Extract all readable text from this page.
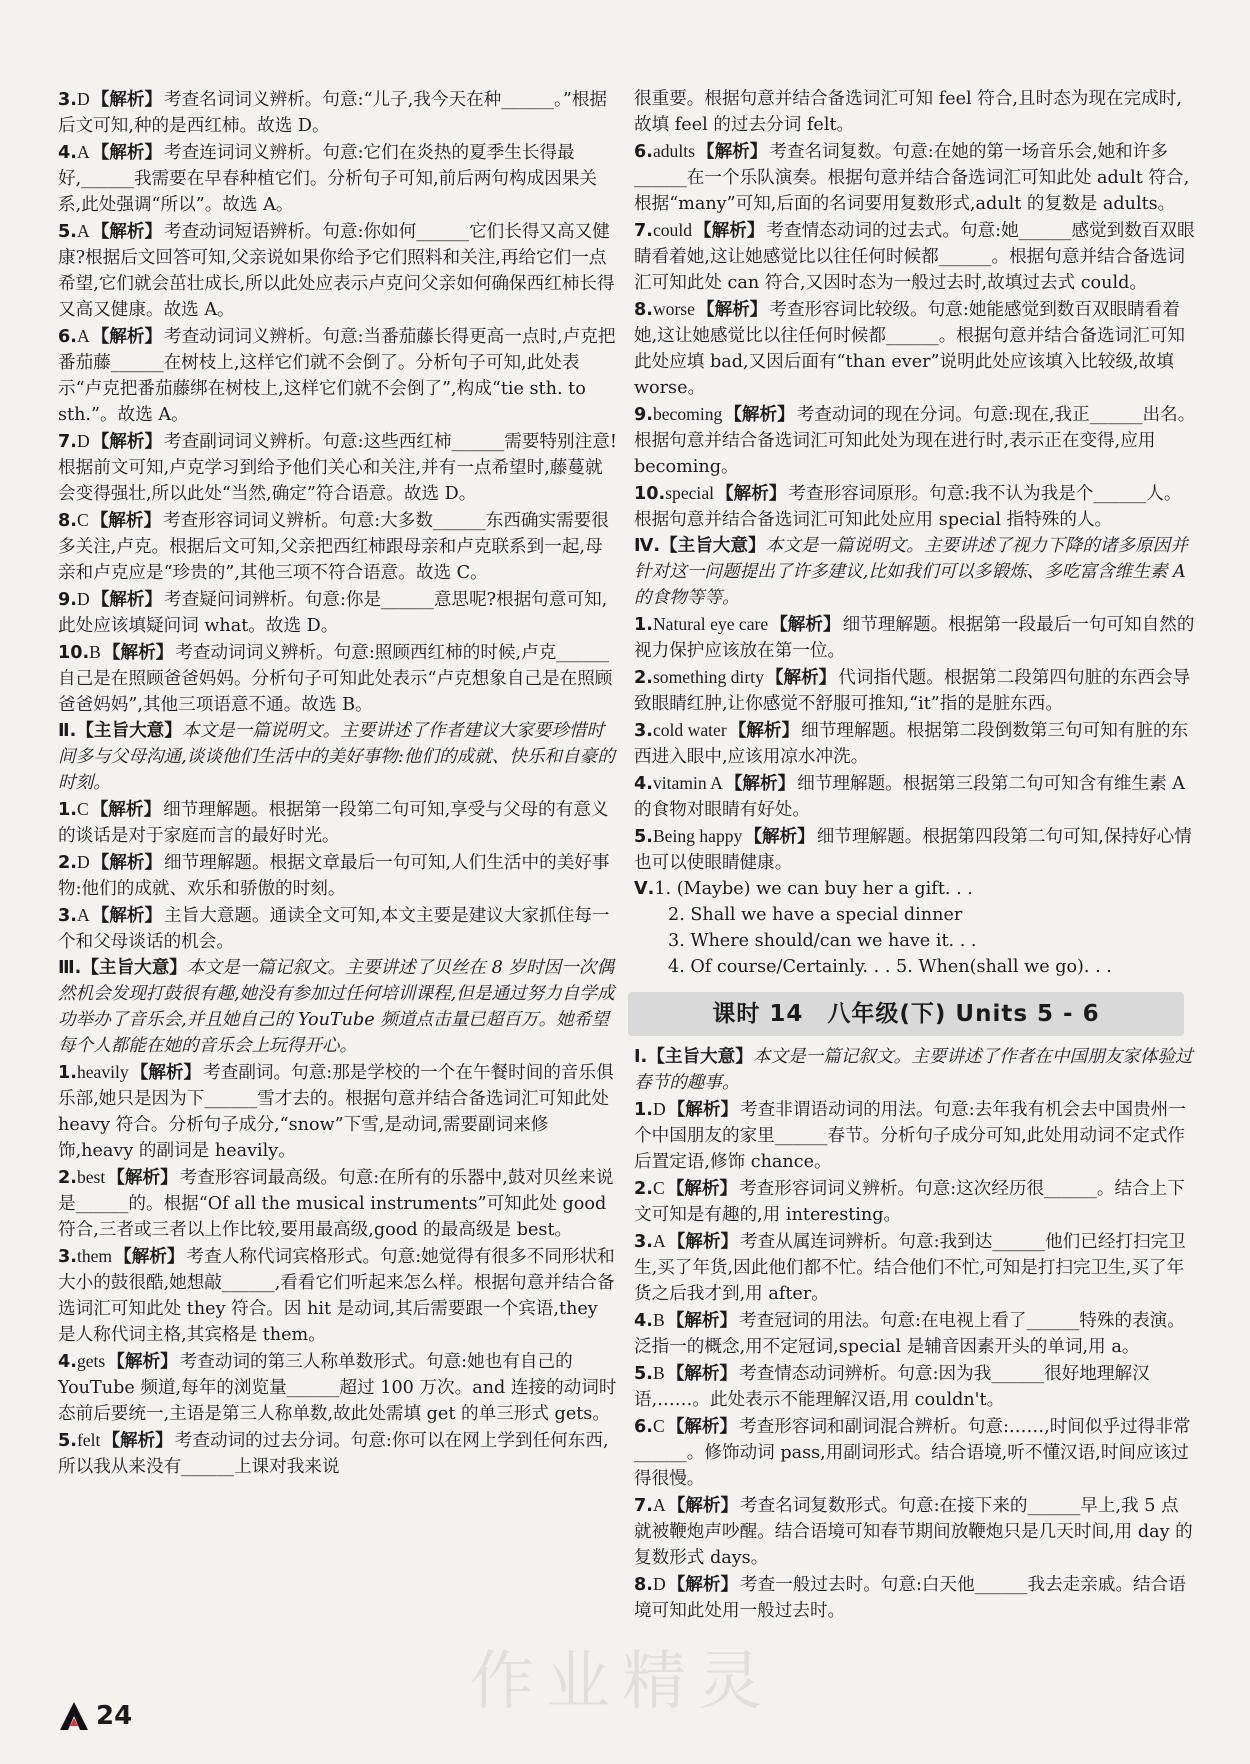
3.D 【解析】 考查名词词义辨析。句意:“儿子,我今天在种______。”根据后文可知,种的是西红柿。故选 D。
4.A 【解析】 考查连词词义辨析。句意:它们在炎热的夏季生长得最好,______我需要在早春种植它们。分析句子可知,前后两句构成因果关系,此处强调“所以”。故选 A。
5.A 【解析】 考查动词短语辨析。句意:你如何______它们长得又高又健康?根据后文回答可知,父亲说如果你给予它们照料和关注,再给它们一点希望,它们就会茁壮成长,所以此处应表示卢克问父亲如何确保西红柿长得又高又健康。故选 A。
6.A 【解析】 考查动词词义辨析。句意:当番茄藤长得更高一点时,卢克把番茄藤______在树枝上,这样它们就不会倒了。分析句子可知,此处表示“卢克把番茄藤绑在树枝上,这样它们就不会倒了”,构成“tie sth. to sth.”。故选 A。
7.D 【解析】 考查副词词义辨析。句意:这些西红柿______需要特别注意!根据前文可知,卢克学习到给予他们关心和关注,并有一点希望时,藤蔓就会变得强壮,所以此处“当然,确定”符合语意。故选 D。
8.C 【解析】 考查形容词词义辨析。句意:大多数______东西确实需要很多关注,卢克。根据后文可知,父亲把西红柿跟母亲和卢克联系到一起,母亲和卢克应是“珍贵的”,其他三项不符合语意。故选 C。
9.D 【解析】 考查疑问词辨析。句意:你是______意思呢?根据句意可知,此处应该填疑问词 what。故选 D。
10.B 【解析】 考查动词词义辨析。句意:照顾西红柿的时候,卢克______自己是在照顾爸爸妈妈。分析句子可知此处表示“卢克想象自己是在照顾爸爸妈妈”,其他三项语意不通。故选 B。
Ⅱ.【主旨大意】本文是一篇说明文。主要讲述了作者建议大家要珍惜时间多与父母沟通,谈谈他们生活中的美好事物:他们的成就、快乐和自豪的时刻。
1.C 【解析】 细节理解题。根据第一段第二句可知,享受与父母的有意义的谈话是对于家庭而言的最好时光。
2.D 【解析】 细节理解题。根据文章最后一句可知,人们生活中的美好事物:他们的成就、欢乐和骄傲的时刻。
3.A 【解析】 主旨大意题。通读全文可知,本文主要是建议大家抓住每一个和父母谈话的机会。
Ⅲ.【主旨大意】本文是一篇记叙文。主要讲述了贝丝在 8 岁时因一次偶然机会发现打鼓很有趣,她没有参加过任何培训课程,但是通过努力自学成功举办了音乐会,并且她自己的 YouTube 频道点击量已超百万。她希望每个人都能在她的音乐会上玩得开心。
1.heavily 【解析】 考查副词。句意:那是学校的一个在午餐时间的音乐俱乐部,她只是因为下______雪才去的。根据句意并结合备选词汇可知此处 heavy 符合。分析句子成分,“snow”下雪,是动词,需要副词来修饰,heavy 的副词是 heavily。
2.best 【解析】 考查形容词最高级。句意:在所有的乐器中,鼓对贝丝来说是______的。根据“Of all the musical instruments”可知此处 good 符合,三者或三者以上作比较,要用最高级,good 的最高级是 best。
3.them 【解析】 考查人称代词宾格形式。句意:她觉得有很多不同形状和大小的鼓很酷,她想敲______,看看它们听起来怎么样。根据句意并结合备选词汇可知此处 they 符合。因 hit 是动词,其后需要跟一个宾语,they 是人称代词主格,其宾格是 them。
4.gets 【解析】 考查动词的第三人称单数形式。句意:她也有自己的 YouTube 频道,每年的浏览量______超过 100 万次。and 连接的动词时态前后要统一,主语是第三人称单数,故此处需填 get 的单三形式 gets。
5.felt 【解析】 考查动词的过去分词。句意:你可以在网上学到任何东西,所以我从来没有______上课对我来说
很重要。根据句意并结合备选词汇可知 feel 符合,且时态为现在完成时,故填 feel 的过去分词 felt。
6.adults 【解析】 考查名词复数。句意:在她的第一场音乐会,她和许多______在一个乐队演奏。根据句意并结合备选词汇可知此处 adult 符合,根据“many”可知,后面的名词要用复数形式,adult 的复数是 adults。
7.could 【解析】 考查情态动词的过去式。句意:她______感觉到数百双眼睛看着她,这让她感觉比以往任何时候都______。根据句意并结合备选词汇可知此处 can 符合,又因时态为一般过去时,故填过去式 could。
8.worse 【解析】 考查形容词比较级。句意:她能感觉到数百双眼睛看着她,这让她感觉比以往任何时候都______。根据句意并结合备选词汇可知此处应填 bad,又因后面有“than ever”说明此处应该填入比较级,故填 worse。
9.becoming 【解析】 考查动词的现在分词。句意:现在,我正______出名。根据句意并结合备选词汇可知此处为现在进行时,表示正在变得,应用 becoming。
10.special 【解析】 考查形容词原形。句意:我不认为我是个______人。根据句意并结合备选词汇可知此处应用 special 指特殊的人。
Ⅳ.【主旨大意】本文是一篇说明文。主要讲述了视力下降的诸多原因并针对这一问题提出了许多建议,比如我们可以多锻炼、多吃富含维生素 A 的食物等等。
1.Natural eye care 【解析】 细节理解题。根据第一段最后一句可知自然的视力保护应该放在第一位。
2.something dirty 【解析】 代词指代题。根据第二段第四句脏的东西会导致眼睛红肿,让你感觉不舒服可推知,“it”指的是脏东西。
3.cold water 【解析】 细节理解题。根据第二段倒数第三句可知有脏的东西进入眼中,应该用凉水冲洗。
4.vitamin A 【解析】 细节理解题。根据第三段第二句可知含有维生素 A 的食物对眼睛有好处。
5.Being happy 【解析】 细节理解题。根据第四段第二句可知,保持好心情也可以使眼睛健康。
Ⅴ.1. (Maybe) we can buy her a gift. . .
2. Shall we have a special dinner
3. Where should/can we have it. . .
4. Of course/Certainly. . . 5. When(shall we go). . .
课时 14　八年级(下) Units 5 - 6
Ⅰ.【主旨大意】本文是一篇记叙文。主要讲述了作者在中国朋友家体验过春节的趣事。
1.D 【解析】 考查非谓语动词的用法。句意:去年我有机会去中国贵州一个中国朋友的家里______春节。分析句子成分可知,此处用动词不定式作后置定语,修饰 chance。
2.C 【解析】 考查形容词词义辨析。句意:这次经历很______。结合上下文可知是有趣的,用 interesting。
3.A 【解析】 考查从属连词辨析。句意:我到达______他们已经打扫完卫生,买了年货,因此他们都不忙。结合他们不忙,可知是打扫完卫生,买了年货之后我才到,用 after。
4.B 【解析】 考查冠词的用法。句意:在电视上看了______特殊的表演。泛指一的概念,用不定冠词,special 是辅音因素开头的单词,用 a。
5.B 【解析】 考查情态动词辨析。句意:因为我______很好地理解汉语,……。此处表示不能理解汉语,用 couldn't。
6.C 【解析】 考查形容词和副词混合辨析。句意:……,时间似乎过得非常______。修饰动词 pass,用副词形式。结合语境,听不懂汉语,时间应该过得很慢。
7.A 【解析】 考查名词复数形式。句意:在接下来的______早上,我 5 点就被鞭炮声吵醒。结合语境可知春节期间放鞭炮只是几天时间,用 day 的复数形式 days。
8.D 【解析】 考查一般过去时。句意:白天他______我去走亲戚。结合语境可知此处用一般过去时。
24	作业精灵
